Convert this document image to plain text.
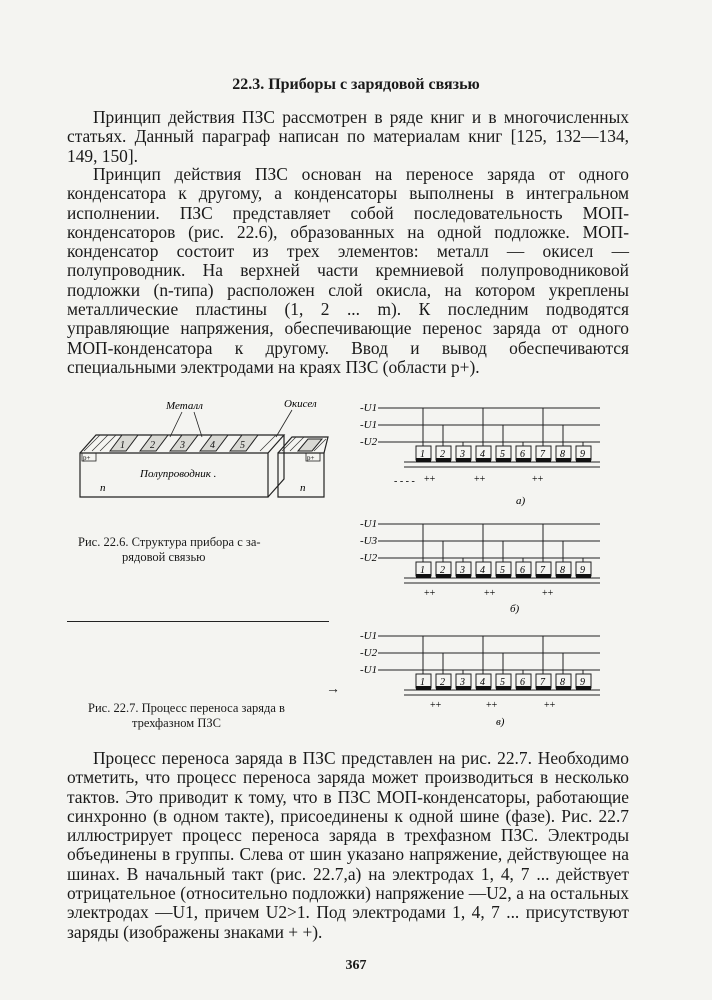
22.3. Приборы с зарядовой связью

Принцип действия ПЗС рассмотрен в ряде книг и в многочисленных статьях. Данный параграф написан по материалам книг [125, 132—134, 149, 150].

Принцип действия ПЗС основан на переносе заряда от одного конденсатора к другому, а конденсаторы выполнены в интегральном исполнении. ПЗС представляет собой последовательность МОП-конденсаторов (рис. 22.6), образованных на одной подложке. МОП-конденсатор состоит из трех элементов: металл — окисел — полупроводник. На верхней части кремниевой полупроводниковой подложки (n-типа) расположен слой окисла, на котором укреплены металлические пластины (1, 2 ... m). К последним подводятся управляющие напряжения, обеспечивающие перенос заряда от одного МОП-конденсатора к другому. Ввод и вывод обеспечиваются специальными электродами на краях ПЗС (области p+).

1	2	3	4	5
p+	p+
Металл	Окисел
Полупроводник .
n	n

Рис. 22.6. Структура прибора с за-

рядовой связью

→
-U1
-U1
-U2
1 2 3 4 5 6 7 8 9
а)
- - - - ++	++	++
-U1
-U3
-U2
1 2 3 4 5 6 7 8 9
б)
++	++	++
-U1
-U2
-U1
1 2 3 4 5 6 7 8 9
в)
++	++	++

Рис. 22.7. Процесс переноса заряда в

трехфазном ПЗС

Процесс переноса заряда в ПЗС представлен на рис. 22.7. Необходимо отметить, что процесс переноса заряда может производиться в несколько тактов. Это приводит к тому, что в ПЗС МОП-конденсаторы, работающие синхронно (в одном такте), присоединены к одной шине (фазе). Рис. 22.7 иллюстрирует процесс переноса заряда в трехфазном ПЗС. Электроды объединены в группы. Слева от шин указано напряжение, действующее на шинах. В начальный такт (рис. 22.7,а) на электродах 1, 4, 7 ... действует отрицательное (относительно подложки) напряжение —U2, а на остальных электродах —U1, причем U2>1. Под электродами 1, 4, 7 ... присутствуют заряды (изображены знаками + +).

367
